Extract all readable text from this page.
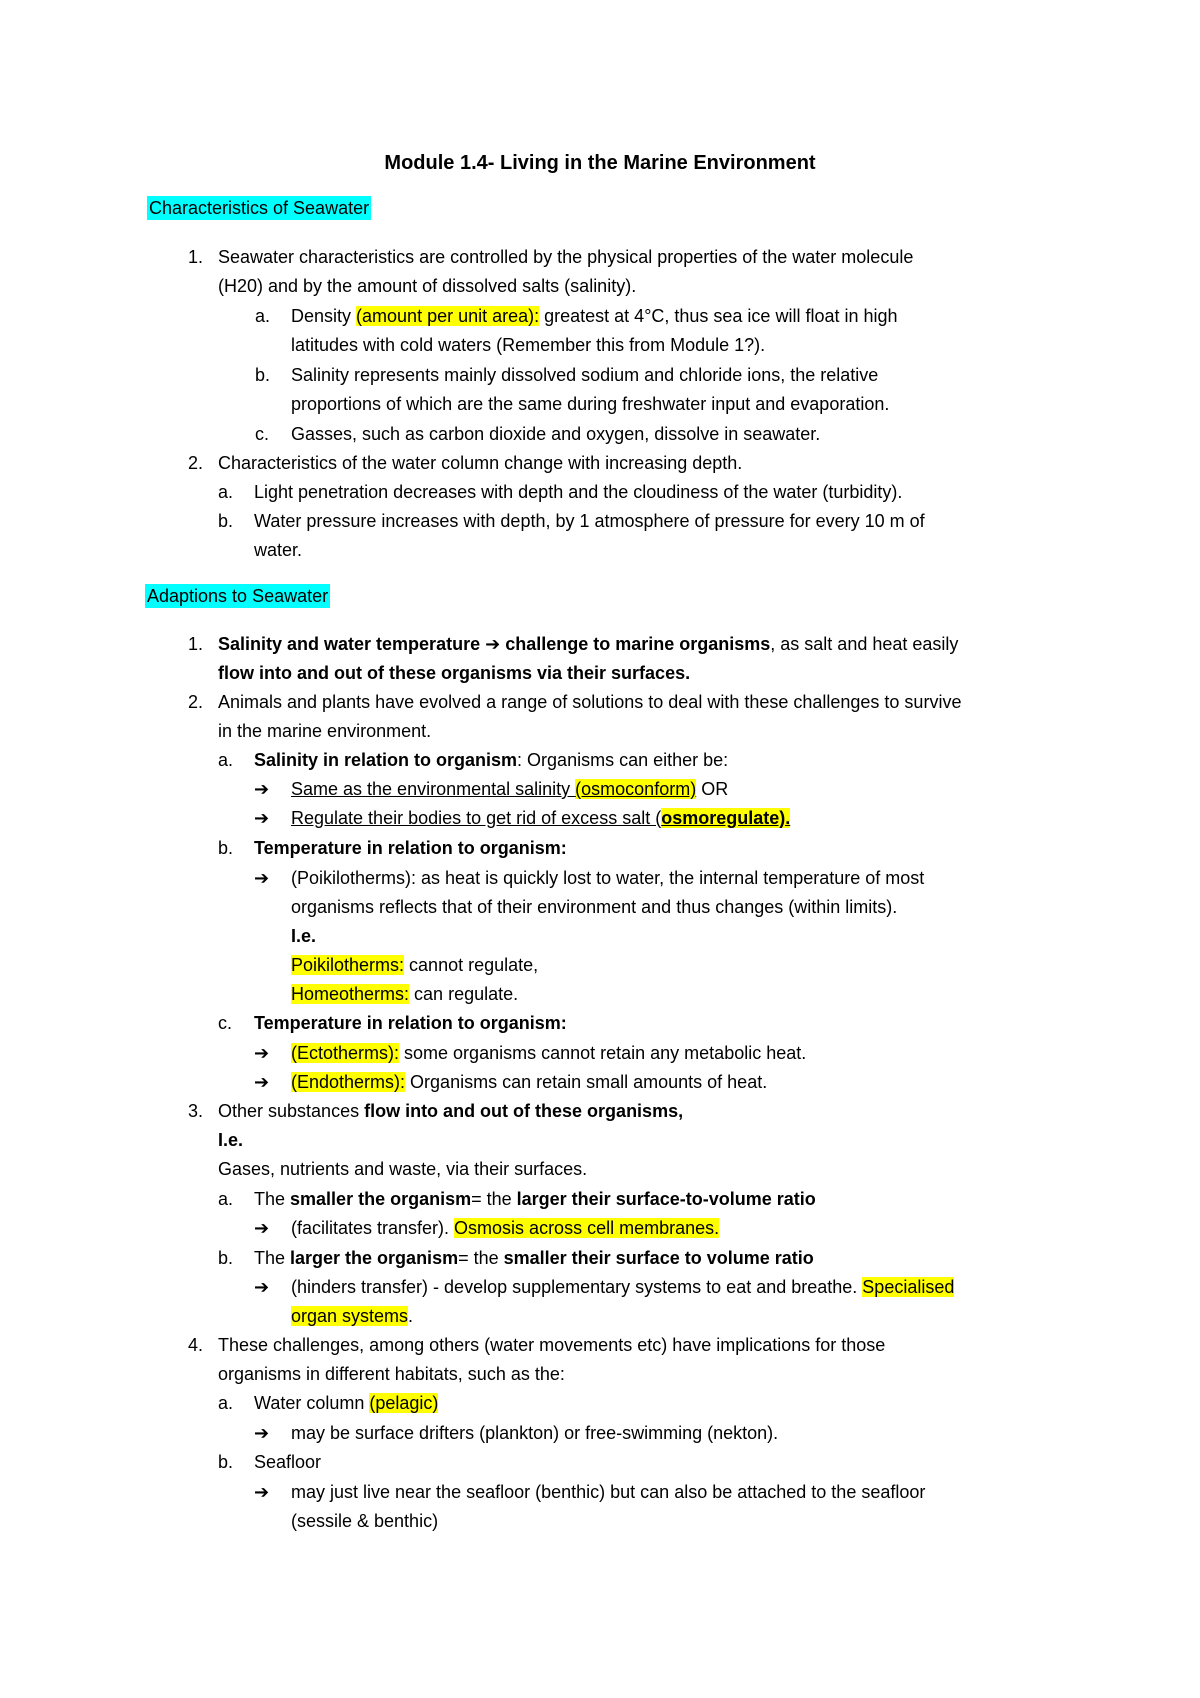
Module 1.4- Living in the Marine Environment
Characteristics of Seawater
1. Seawater characteristics are controlled by the physical properties of the water molecule
(H20) and by the amount of dissolved salts (salinity).
a. Density (amount per unit area): greatest at 4°C, thus sea ice will float in high
latitudes with cold waters (Remember this from Module 1?).
b. Salinity represents mainly dissolved sodium and chloride ions, the relative
proportions of which are the same during freshwater input and evaporation.
c. Gasses, such as carbon dioxide and oxygen, dissolve in seawater.
2. Characteristics of the water column change with increasing depth.
a. Light penetration decreases with depth and the cloudiness of the water (turbidity).
b. Water pressure increases with depth, by 1 atmosphere of pressure for every 10 m of
water.
Adaptions to Seawater
1. Salinity and water temperature ➔ challenge to marine organisms, as salt and heat easily
flow into and out of these organisms via their surfaces.
2. Animals and plants have evolved a range of solutions to deal with these challenges to survive
in the marine environment.
a. Salinity in relation to organism: Organisms can either be:
➔ Same as the environmental salinity (osmoconform) OR
➔ Regulate their bodies to get rid of excess salt (osmoregulate).
b. Temperature in relation to organism:
➔ (Poikilotherms): as heat is quickly lost to water, the internal temperature of most
organisms reflects that of their environment and thus changes (within limits).
I.e.
Poikilotherms: cannot regulate,
Homeotherms: can regulate.
c. Temperature in relation to organism:
➔ (Ectotherms): some organisms cannot retain any metabolic heat.
➔ (Endotherms): Organisms can retain small amounts of heat.
3. Other substances flow into and out of these organisms,
I.e.
Gases, nutrients and waste, via their surfaces.
a. The smaller the organism= the larger their surface-to-volume ratio
➔ (facilitates transfer). Osmosis across cell membranes.
b. The larger the organism= the smaller their surface to volume ratio
➔ (hinders transfer) - develop supplementary systems to eat and breathe. Specialised
organ systems.
4. These challenges, among others (water movements etc) have implications for those
organisms in different habitats, such as the:
a. Water column (pelagic)
➔ may be surface drifters (plankton) or free-swimming (nekton).
b. Seafloor
➔ may just live near the seafloor (benthic) but can also be attached to the seafloor
(sessile & benthic)
